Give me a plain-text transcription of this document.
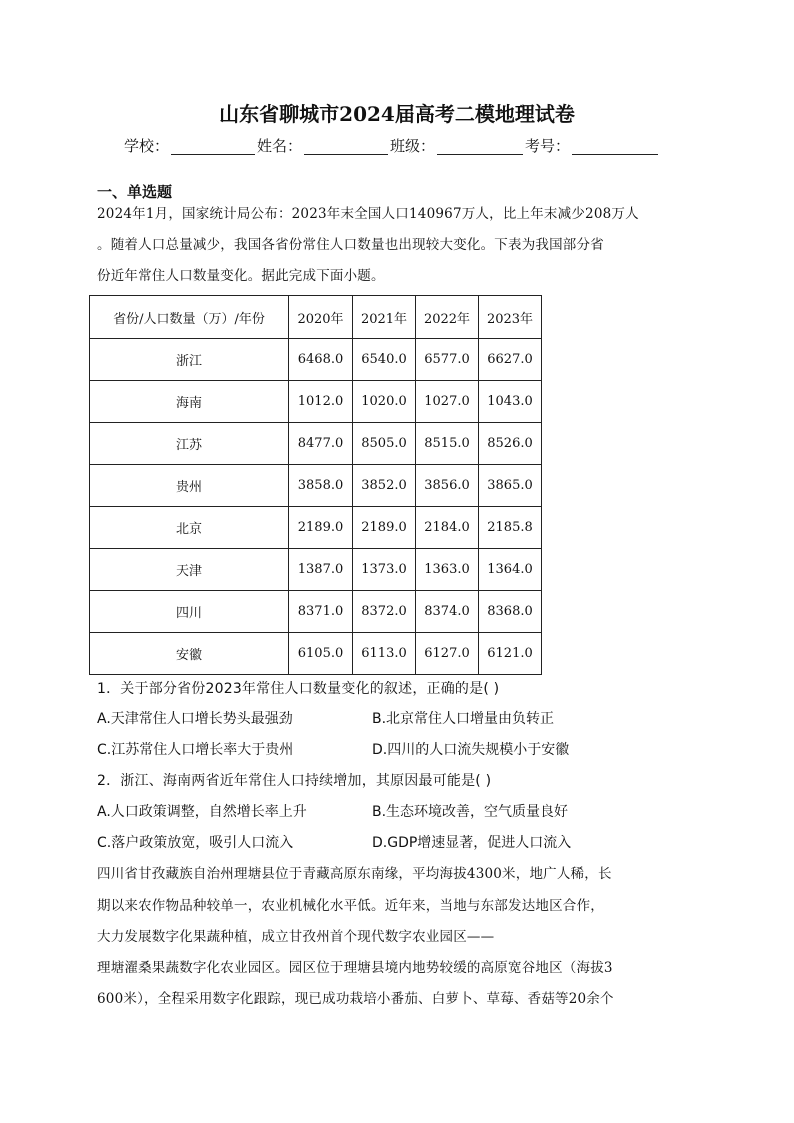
山东省聊城市2024届高考二模地理试卷
学校：	姓名：	班级：	考号：
一、单选题
2024年1月，国家统计局公布：2023年末全国人口140967万人，比上年末减少208万人
。随着人口总量减少，我国各省份常住人口数量也出现较大变化。下表为我国部分省
份近年常住人口数量变化。据此完成下面小题。
省份/人口数量（万）/年份	2020年	2021年	2022年	2023年
浙江	6468.0	6540.0	6577.0	6627.0
海南	1012.0	1020.0	1027.0	1043.0
江苏	8477.0	8505.0	8515.0	8526.0
贵州	3858.0	3852.0	3856.0	3865.0
北京	2189.0	2189.0	2184.0	2185.8
天津	1387.0	1373.0	1363.0	1364.0
四川	8371.0	8372.0	8374.0	8368.0
安徽	6105.0	6113.0	6127.0	6121.0
1．关于部分省份2023年常住人口数量变化的叙述，正确的是( )
A.天津常住人口增长势头最强劲	B.北京常住人口增量由负转正
C.江苏常住人口增长率大于贵州	D.四川的人口流失规模小于安徽
2．浙江、海南两省近年常住人口持续增加，其原因最可能是( )
A.人口政策调整，自然增长率上升	B.生态环境改善，空气质量良好
C.落户政策放宽，吸引人口流入	D.GDP增速显著，促进人口流入
四川省甘孜藏族自治州理塘县位于青藏高原东南缘，平均海拔4300米，地广人稀，长
期以来农作物品种较单一，农业机械化水平低。近年来，当地与东部发达地区合作，
大力发展数字化果蔬种植，成立甘孜州首个现代数字农业园区——
理塘濯桑果蔬数字化农业园区。园区位于理塘县境内地势较缓的高原宽谷地区（海拔3
600米），全程采用数字化跟踪，现已成功栽培小番茄、白萝卜、草莓、香菇等20余个
